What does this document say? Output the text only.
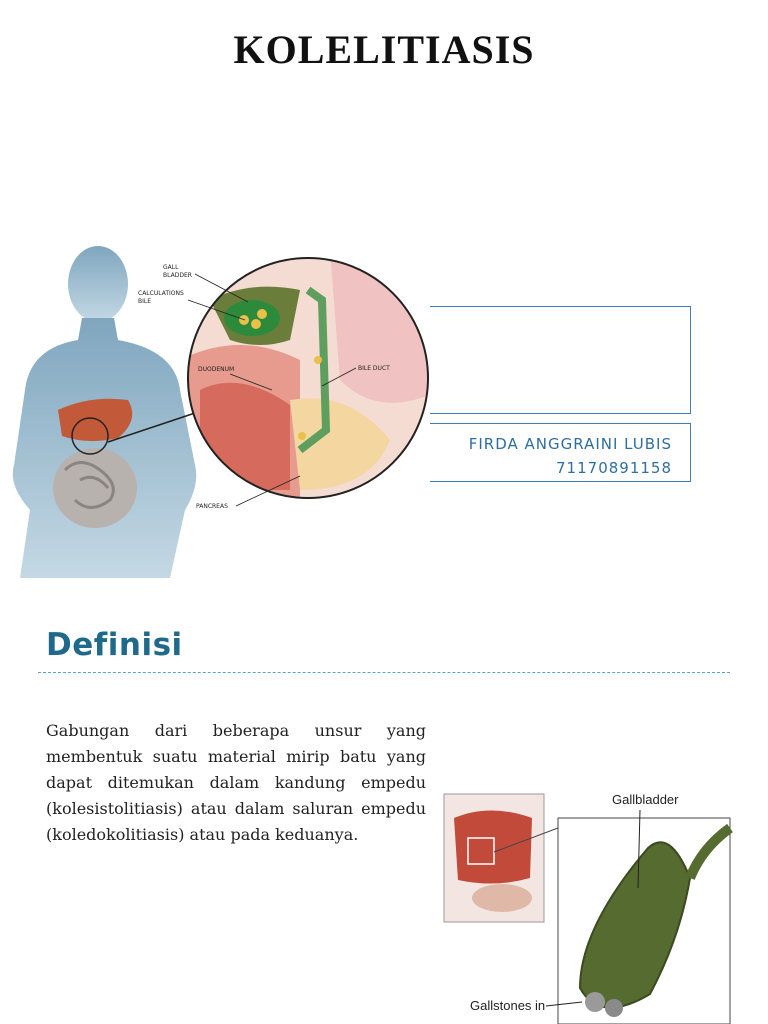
KOLELITIASIS
GALL
BLADDER
CALCULATIONS
BILE
DUODENUM	BILE DUCT
PANCREAS
FIRDA ANGGRAINI LUBIS
71170891158
Definisi

Gabungan dari beberapa unsur yang membentuk suatu material mirip batu yang dapat ditemukan dalam kandung empedu (kolesistolitiasis) atau dalam saluran empedu (koledokolitiasis) atau pada keduanya.

Gallbladder
Gallstones in
